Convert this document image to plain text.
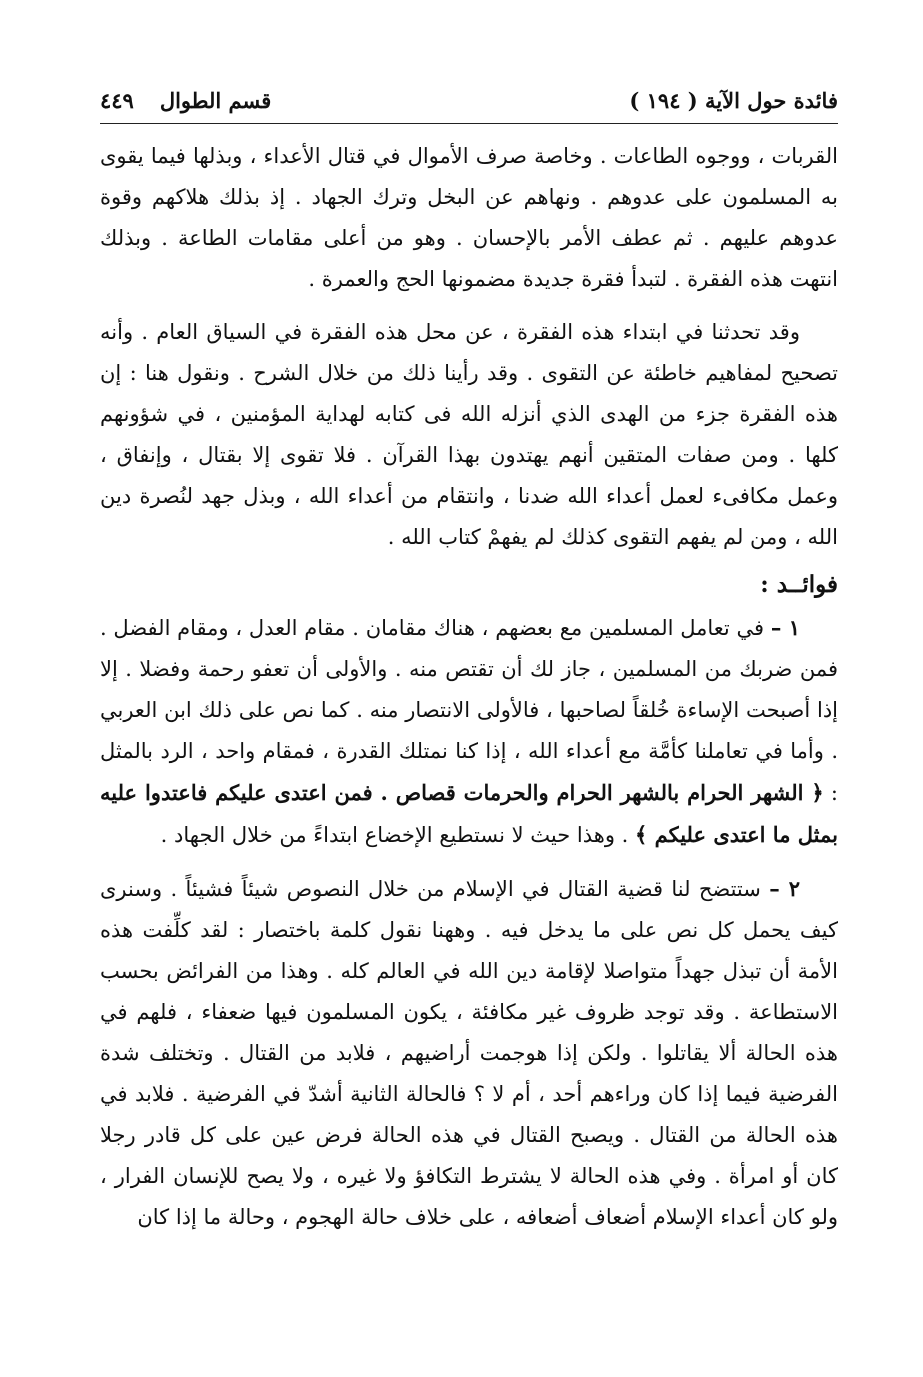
فائدة حول الآية ( ١٩٤ )
قسم الطوال
٤٤٩

القربات ، ووجوه الطاعات . وخاصة صرف الأموال في قتال الأعداء ، وبذلها فيما يقوى به المسلمون على عدوهم . ونهاهم عن البخل وترك الجهاد . إذ بذلك هلاكهم وقوة عدوهم عليهم . ثم عطف الأمر بالإحسان . وهو من أعلى مقامات الطاعة . وبذلك انتهت هذه الفقرة . لتبدأ فقرة جديدة مضمونها الحج والعمرة .

وقد تحدثنا في ابتداء هذه الفقرة ، عن محل هذه الفقرة في السياق العام . وأنه تصحيح لمفاهيم خاطئة عن التقوى . وقد رأينا ذلك من خلال الشرح . ونقول هنا : إن هذه الفقرة جزء من الهدى الذي أنزله الله فى كتابه لهداية المؤمنين ، في شؤونهم كلها . ومن صفات المتقين أنهم يهتدون بهذا القرآن . فلا تقوى إلا بقتال ، وإنفاق ، وعمل مكافىء لعمل أعداء الله ضدنا ، وانتقام من أعداء الله ، وبذل جهد لنُصرة دين الله ، ومن لم يفهم التقوى كذلك لم يفهمْ كتاب الله .

فوائــد :

١ – في تعامل المسلمين مع بعضهم ، هناك مقامان . مقام العدل ، ومقام الفضل . فمن ضربك من المسلمين ، جاز لك أن تقتص منه . والأولى أن تعفو رحمة وفضلا . إلا إذا أصبحت الإساءة خُلقاً لصاحبها ، فالأولى الانتصار منه . كما نص على ذلك ابن العربي . وأما في تعاملنا كأمَّة مع أعداء الله ، إذا كنا نمتلك القدرة ، فمقام واحد ، الرد بالمثل : ﴿ الشهر الحرام بالشهر الحرام والحرمات قصاص . فمن اعتدى عليكم فاعتدوا عليه بمثل ما اعتدى عليكم ﴾ . وهذا حيث لا نستطيع الإخضاع ابتداءً من خلال الجهاد .

٢ – ستتضح لنا قضية القتال في الإسلام من خلال النصوص شيئاً فشيئاً . وسنرى كيف يحمل كل نص على ما يدخل فيه . وههنا نقول كلمة باختصار : لقد كلِّفت هذه الأمة أن تبذل جهداً متواصلا لإقامة دين الله في العالم كله . وهذا من الفرائض بحسب الاستطاعة . وقد توجد ظروف غير مكافئة ، يكون المسلمون فيها ضعفاء ، فلهم في هذه الحالة ألا يقاتلوا . ولكن إذا هوجمت أراضيهم ، فلابد من القتال . وتختلف شدة الفرضية فيما إذا كان وراءهم أحد ، أم لا ؟ فالحالة الثانية أشدّ في الفرضية . فلابد في هذه الحالة من القتال . ويصبح القتال في هذه الحالة فرض عين على كل قادر رجلا كان أو امرأة . وفي هذه الحالة لا يشترط التكافؤ ولا غيره ، ولا يصح للإنسان الفرار ، ولو كان أعداء الإسلام أضعاف أضعافه ، على خلاف حالة الهجوم ، وحالة ما إذا كان
